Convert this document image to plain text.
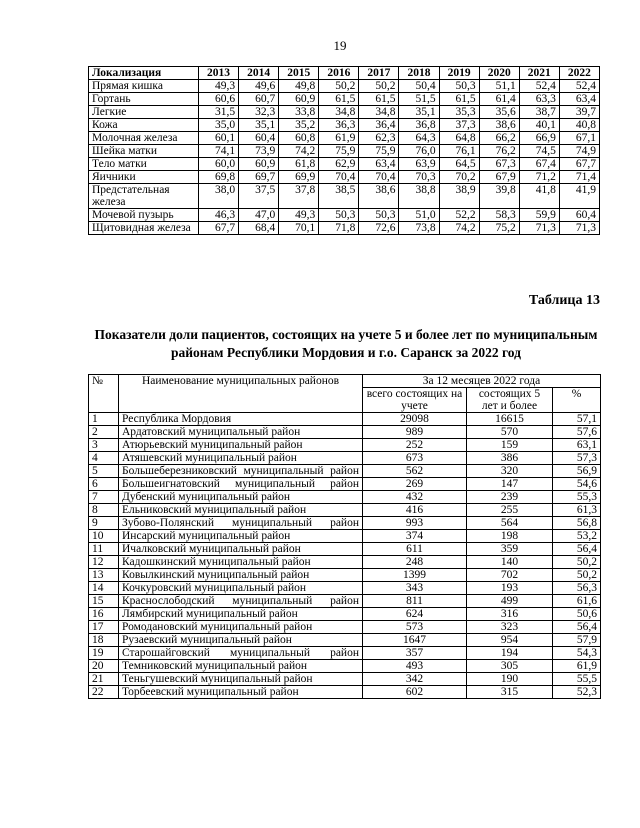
19
Локализация	2013	2014	2015	2016	2017	2018	2019	2020	2021	2022
Прямая кишка	49,3	49,6	49,8	50,2	50,2	50,4	50,3	51,1	52,4	52,4
Гортань	60,6	60,7	60,9	61,5	61,5	51,5	61,5	61,4	63,3	63,4
Легкие	31,5	32,3	33,8	34,8	34,8	35,1	35,3	35,6	38,7	39,7
Кожа	35,0	35,1	35,2	36,3	36,4	36,8	37,3	38,6	40,1	40,8
Молочная железа	60,1	60,4	60,8	61,9	62,3	64,3	64,8	66,2	66,9	67,1
Шейка матки	74,1	73,9	74,2	75,9	75,9	76,0	76,1	76,2	74,5	74,9
Тело матки	60,0	60,9	61,8	62,9	63,4	63,9	64,5	67,3	67,4	67,7
Яичники	69,8	69,7	69,9	70,4	70,4	70,3	70,2	67,9	71,2	71,4
Предстательная железа	38,0	37,5	37,8	38,5	38,6	38,8	38,9	39,8	41,8	41,9
Мочевой пузырь	46,3	47,0	49,3	50,3	50,3	51,0	52,2	58,3	59,9	60,4
Щитовидная железа	67,7	68,4	70,1	71,8	72,6	73,8	74,2	75,2	71,3	71,3
Таблица 13
Показатели доли пациентов, состоящих на учете 5 и более лет по муниципальным районам Республики Мордовия и г.о. Саранск за 2022 год
№	Наименование муниципальных районов	За 12 месяцев 2022 года		
		всего состоящих на учете	состоящих 5 лет и более	%
1	Республика Мордовия	29098	16615	57,1
2	Ардатовский муниципальный район	989	570	57,6
3	Атюрьевский муниципальный район	252	159	63,1
4	Атяшевский муниципальный район	673	386	57,3
5	Большеберезниковский муниципальный район	562	320	56,9
6	Большеигнатовский муниципальный район	269	147	54,6
7	Дубенский муниципальный район	432	239	55,3
8	Ельниковский муниципальный район	416	255	61,3
9	Зубово-Полянский муниципальный район	993	564	56,8
10	Инсарский муниципальный район	374	198	53,2
11	Ичалковский муниципальный район	611	359	56,4
12	Кадошкинский муниципальный район	248	140	50,2
13	Ковылкинский муниципальный район	1399	702	50,2
14	Кочкуровский муниципальный район	343	193	56,3
15	Краснослободский муниципальный район	811	499	61,6
16	Лямбирский муниципальный район	624	316	50,6
17	Ромодановский муниципальный район	573	323	56,4
18	Рузаевский муниципальный район	1647	954	57,9
19	Старошайговский муниципальный район	357	194	54,3
20	Темниковский муниципальный район	493	305	61,9
21	Теньгушевский муниципальный район	342	190	55,5
22	Торбеевский муниципальный район	602	315	52,3
